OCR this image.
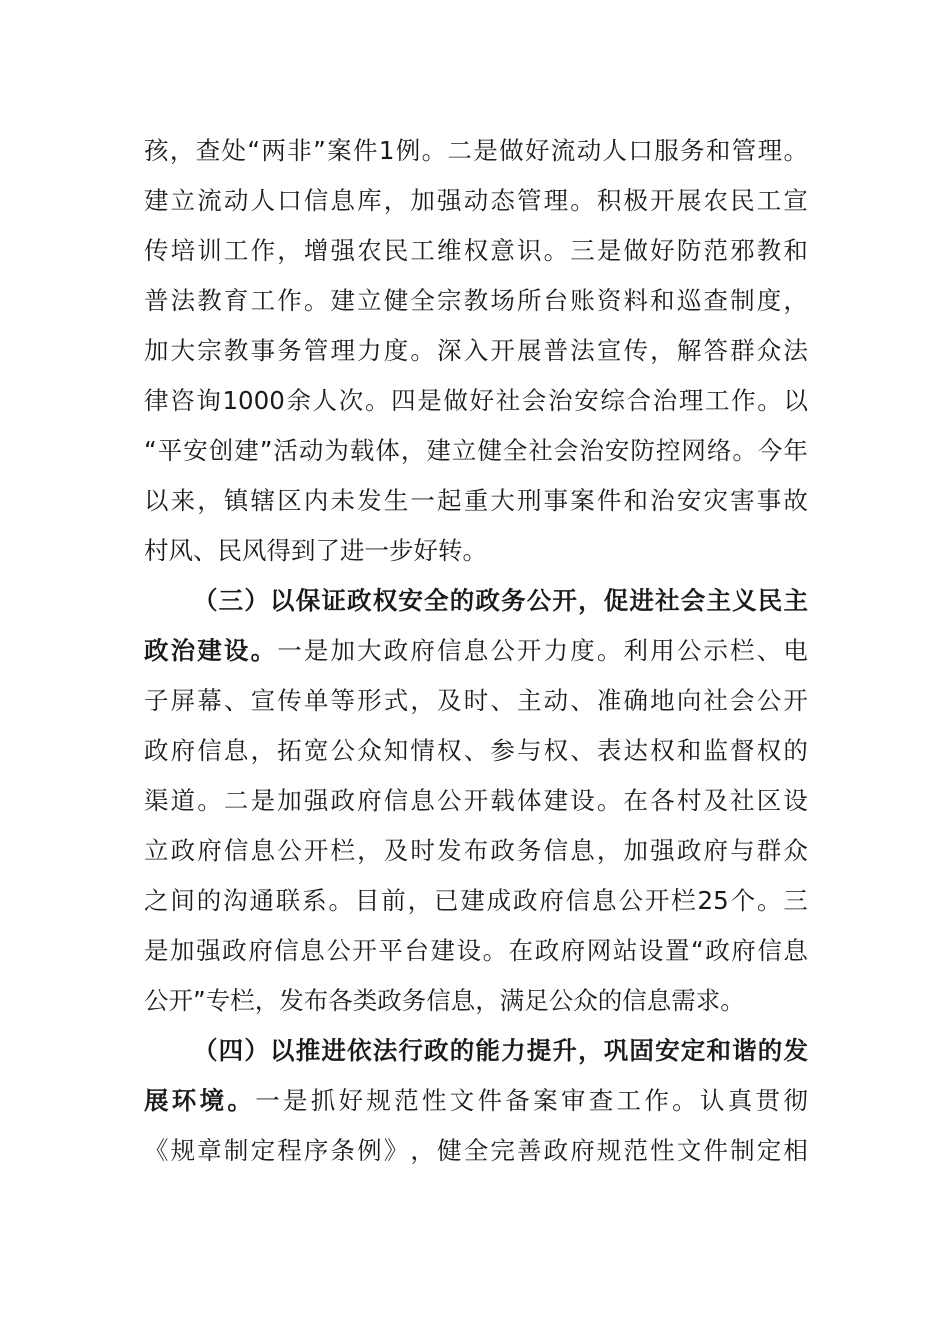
孩 ， 查 处 “ 两 非 ” 案 件 1 例 。 二 是 做 好 流 动 人 口 服 务 和 管 理 。
建 立 流 动 人 口 信 息 库 ， 加 强 动 态 管 理 。 积 极 开 展 农 民 工 宣
传 培 训 工 作 ， 增 强 农 民 工 维 权 意 识 。 三 是 做 好 防 范 邪 教 和
普 法 教 育 工 作 。 建 立 健 全 宗 教 场 所 台 账 资 料 和 巡 查 制 度 ，
加 大 宗 教 事 务 管 理 力 度 。 深 入 开 展 普 法 宣 传 ， 解 答 群 众 法
律 咨 询 1000 余 人 次 。 四 是 做 好 社 会 治 安 综 合 治 理 工 作 。 以
“ 平 安 创 建 ” 活 动 为 载 体 ， 建 立 健 全 社 会 治 安 防 控 网 络 。 今 年
以 来 ， 镇 辖 区 内 未 发 生 一 起 重 大 刑 事 案 件 和 治 安 灾 害 事 故
村 风 、 民 风 得 到 了 进 一 步 好 转 。
（ 三 ） 以 保 证 政 权 安 全 的 政 务 公 开 ， 促 进 社 会 主 义 民 主
政 治 建 设 。 一 是 加 大 政 府 信 息 公 开 力 度 。 利 用 公 示 栏 、 电
子 屏 幕 、 宣 传 单 等 形 式 ， 及 时 、 主 动 、 准 确 地 向 社 会 公 开
政 府 信 息 ， 拓 宽 公 众 知 情 权 、 参 与 权 、 表 达 权 和 监 督 权 的
渠 道 。 二 是 加 强 政 府 信 息 公 开 载 体 建 设 。 在 各 村 及 社 区 设
立 政 府 信 息 公 开 栏 ， 及 时 发 布 政 务 信 息 ， 加 强 政 府 与 群 众
之 间 的 沟 通 联 系 。 目 前 ， 已 建 成 政 府 信 息 公 开 栏 25 个 。 三
是 加 强 政 府 信 息 公 开 平 台 建 设 。 在 政 府 网 站 设 置 “ 政 府 信 息
公 开 ” 专 栏 ， 发 布 各 类 政 务 信 息 ， 满 足 公 众 的 信 息 需 求 。
（ 四 ） 以 推 进 依 法 行 政 的 能 力 提 升 ， 巩 固 安 定 和 谐 的 发
展 环 境 。 一 是 抓 好 规 范 性 文 件 备 案 审 查 工 作 。 认 真 贯 彻
《 规 章 制 定 程 序 条 例 》 ， 健 全 完 善 政 府 规 范 性 文 件 制 定 相
